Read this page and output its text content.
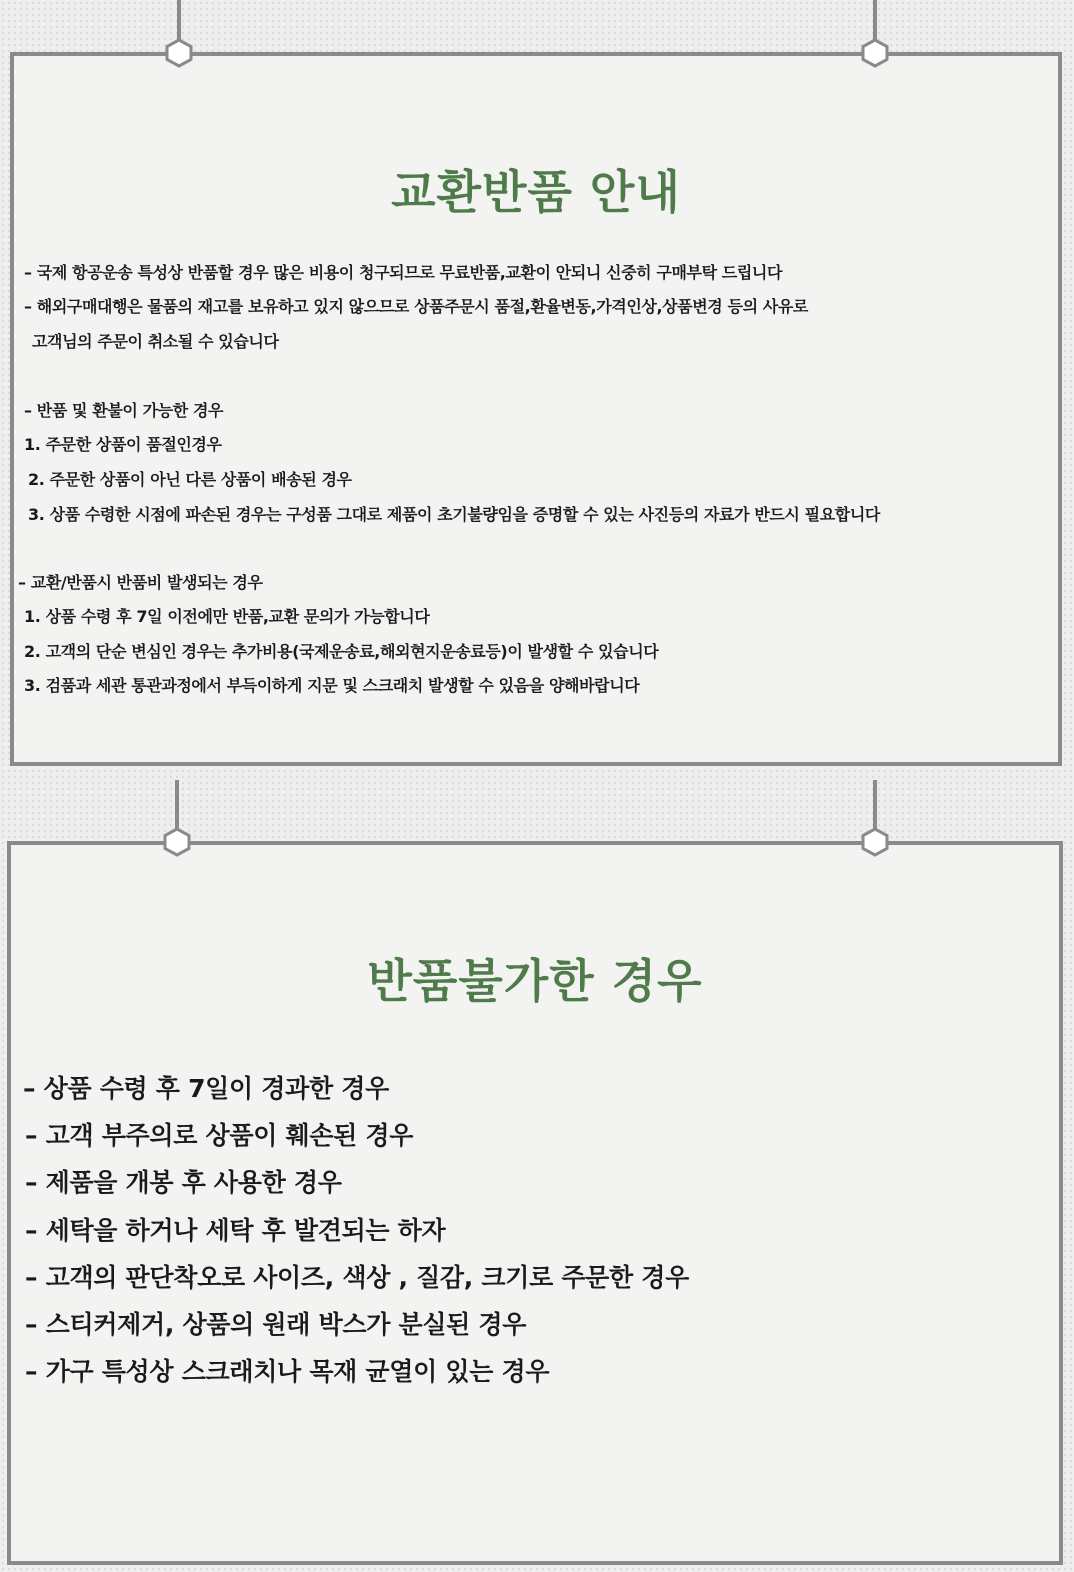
교환반품 안내

– 국제 항공운송 특성상 반품할 경우 많은 비용이 청구되므로 무료반품,교환이 안되니 신중히 구매부탁 드립니다

– 해외구매대행은 물품의 재고를 보유하고 있지 않으므로 상품주문시 품절,환율변동,가격인상,상품변경 등의 사유로

고객님의 주문이 취소될 수 있습니다

– 반품 및 환불이 가능한 경우

1. 주문한 상품이 품절인경우

2. 주문한 상품이 아닌 다른 상품이 배송된 경우

3. 상품 수령한 시점에 파손된 경우는 구성품 그대로 제품이 초기불량임을 증명할 수 있는 사진등의 자료가 반드시 필요합니다

– 교환/반품시 반품비 발생되는 경우

1. 상품 수령 후 7일 이전에만 반품,교환 문의가 가능합니다

2. 고객의 단순 변심인 경우는 추가비용(국제운송료,해외현지운송료등)이 발생할 수 있습니다

3. 검품과 세관 통관과정에서 부득이하게 지문 및 스크래치 발생할 수 있음을 양해바랍니다

반품불가한 경우

– 상품 수령 후 7일이 경과한 경우

– 고객 부주의로 상품이 훼손된 경우

– 제품을 개봉 후 사용한 경우

– 세탁을 하거나 세탁 후 발견되는 하자

– 고객의 판단착오로 사이즈, 색상 , 질감, 크기로 주문한 경우

– 스티커제거, 상품의 원래 박스가 분실된 경우

– 가구 특성상 스크래치나 목재 균열이 있는 경우
